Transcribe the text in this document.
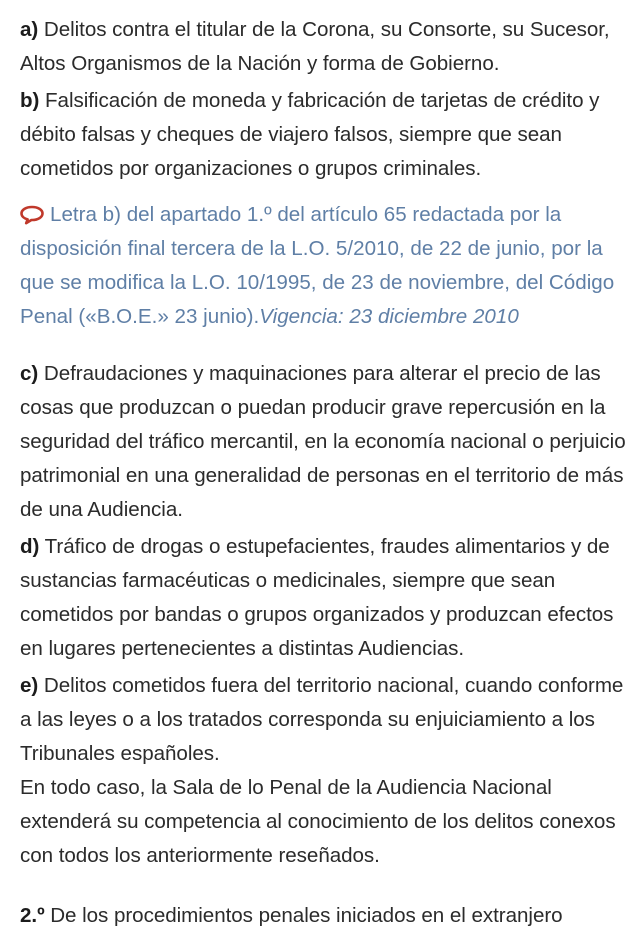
a) Delitos contra el titular de la Corona, su Consorte, su Sucesor, Altos Organismos de la Nación y forma de Gobierno.

b) Falsificación de moneda y fabricación de tarjetas de crédito y débito falsas y cheques de viajero falsos, siempre que sean cometidos por organizaciones o grupos criminales.

Letra b) del apartado 1.º del artículo 65 redactada por la disposición final tercera de la L.O. 5/2010, de 22 de junio, por la que se modifica la L.O. 10/1995, de 23 de noviembre, del Código Penal («B.O.E.» 23 junio).Vigencia: 23 diciembre 2010

c) Defraudaciones y maquinaciones para alterar el precio de las cosas que produzcan o puedan producir grave repercusión en la seguridad del tráfico mercantil, en la economía nacional o perjuicio patrimonial en una generalidad de personas en el territorio de más de una Audiencia.

d) Tráfico de drogas o estupefacientes, fraudes alimentarios y de sustancias farmacéuticas o medicinales, siempre que sean cometidos por bandas o grupos organizados y produzcan efectos en lugares pertenecientes a distintas Audiencias.

e) Delitos cometidos fuera del territorio nacional, cuando conforme a las leyes o a los tratados corresponda su enjuiciamiento a los Tribunales españoles.

En todo caso, la Sala de lo Penal de la Audiencia Nacional extenderá su competencia al conocimiento de los delitos conexos con todos los anteriormente reseñados.

2.º De los procedimientos penales iniciados en el extranjero
